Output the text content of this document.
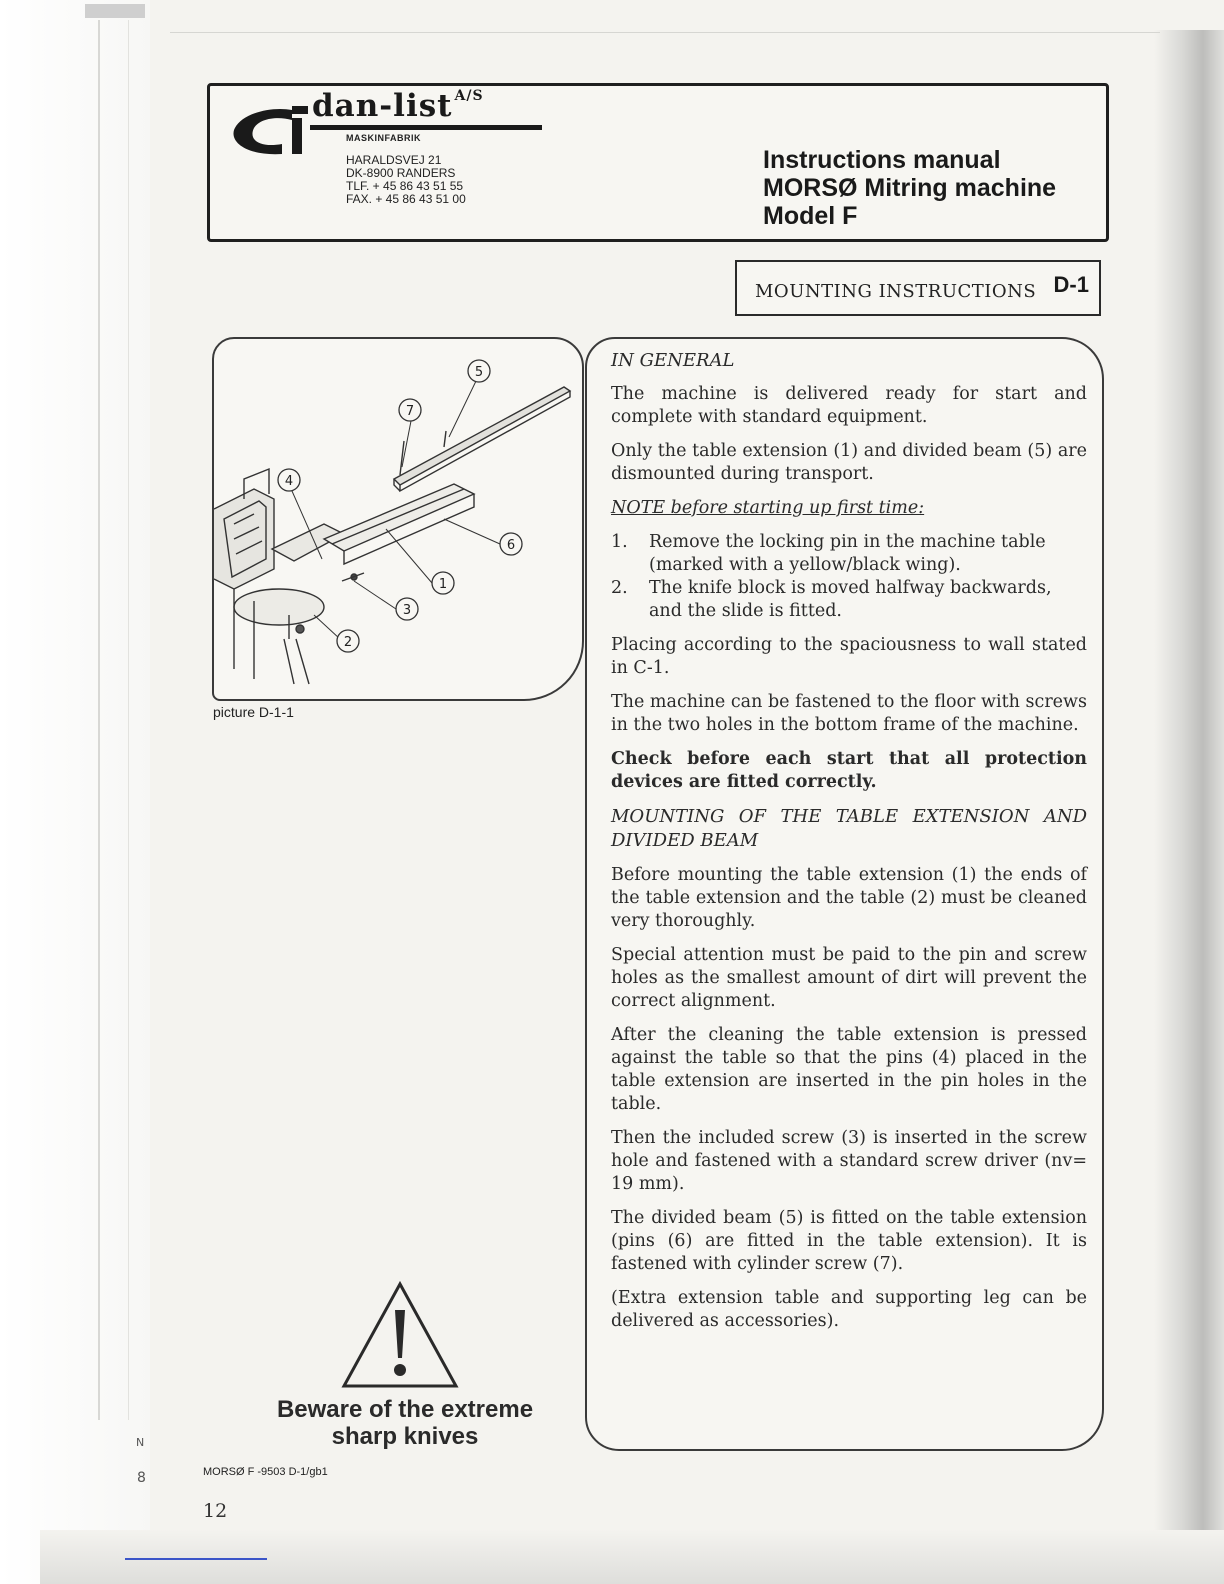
N
8
dan-list $^{A/S}$
MASKINFABRIK
HARALDSVEJ 21
DK-8900 RANDERS
TLF. + 45 86 43 51 55
FAX. + 45 86 43 51 00
Instructions manual
MORSØ Mitring machine
Model F
MOUNTING INSTRUCTIONS D-1
5
7
4
6
1
3
2
picture D-1-1
Beware of the extreme
sharp knives
MORSØ F -9503 D-1/gb1
12

IN GENERAL

The machine is delivered ready for start and complete with standard equipment.

Only the table extension (1) and divided beam (5) are dismounted during transport.

NOTE before starting up first time:

1.	Remove the locking pin in the machine table (marked with a yellow/black wing).
2.	The knife block is moved halfway backwards, and the slide is fitted.

Placing according to the spaciousness to wall stated in C-1.

The machine can be fastened to the floor with screws in the two holes in the bottom frame of the machine.

Check before each start that all protection devices are fitted correctly.

MOUNTING OF THE TABLE EXTENSION AND DIVIDED BEAM

Before mounting the table extension (1) the ends of the table extension and the table (2) must be cleaned very thoroughly.

Special attention must be paid to the pin and screw holes as the smallest amount of dirt will prevent the correct alignment.

After the cleaning the table extension is pressed against the table so that the pins (4) placed in the table extension are inserted in the pin holes in the table.

Then the included screw (3) is inserted in the screw hole and fastened with a standard screw driver (nv= 19 mm).

The divided beam (5) is fitted on the table extension (pins (6) are fitted in the table extension). It is fastened with cylinder screw (7).

(Extra extension table and supporting leg can be delivered as accessories).
